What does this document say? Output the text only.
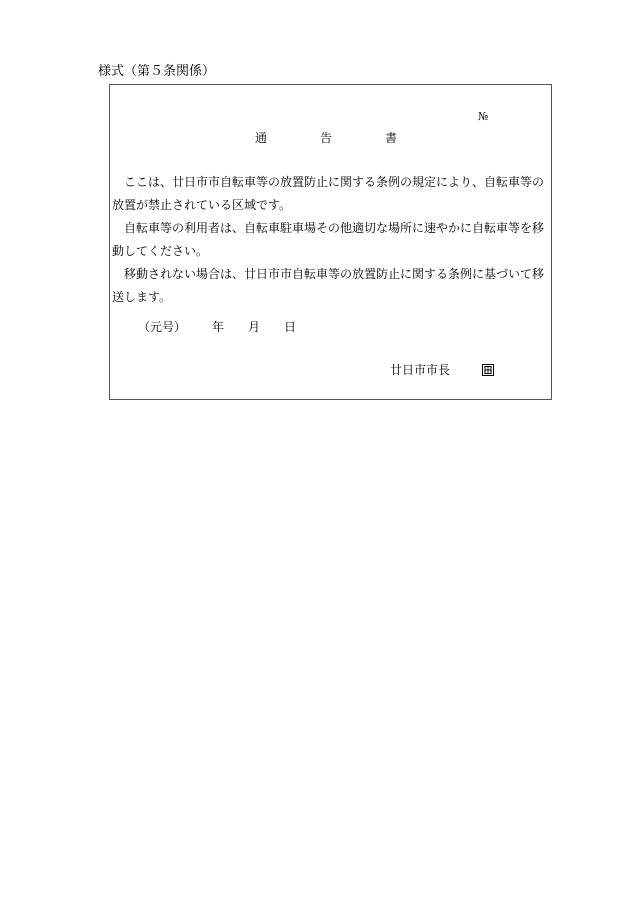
様式（第５条関係）
№
通	告	書

ここは、廿日市市自転車等の放置防止に関する条例の規定により、自転車等の放置が禁止されている区域です。

自転車等の利用者は、自転車駐車場その他適切な場所に速やかに自転車等を移動してください。

移動されない場合は、廿日市市自転車等の放置防止に関する条例に基づいて移送します。

（元号） 年 月 日
廿日市市長
